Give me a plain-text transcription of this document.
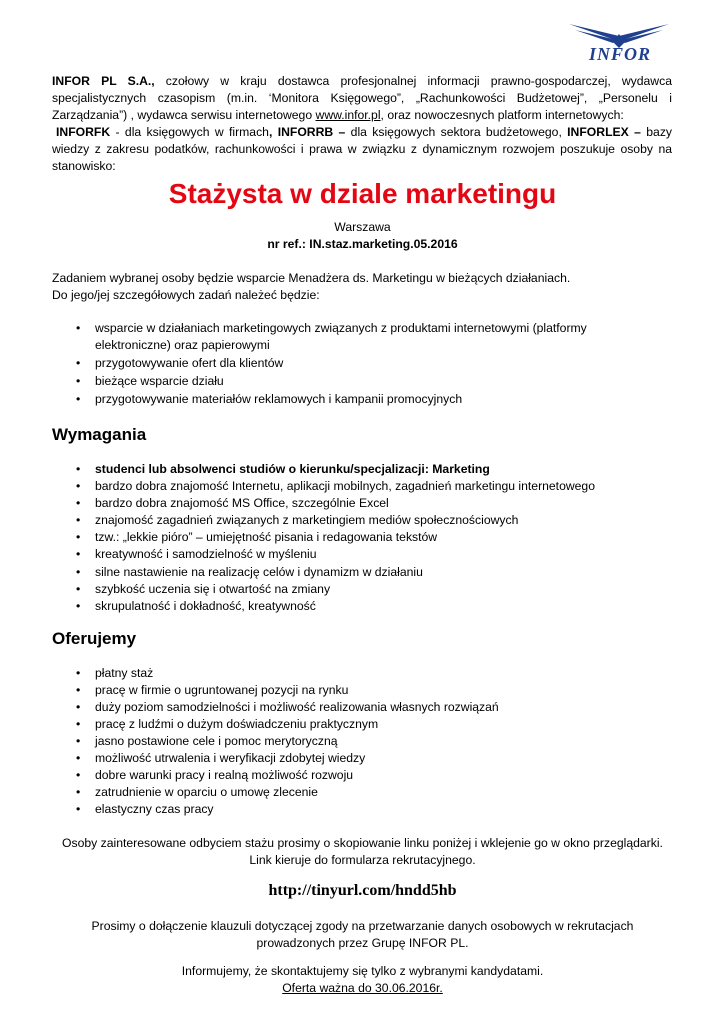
INFOR
INFOR PL S.A., czołowy w kraju dostawca profesjonalnej informacji prawno-gospodarczej, wydawca specjalistycznych czasopism (m.in. ‘Monitora Księgowego”, „Rachunkowości Budżetowej”, „Personelu i Zarządzania”) , wydawca serwisu internetowego www.infor.pl, oraz nowoczesnych platform internetowych:
INFORFK - dla księgowych w firmach, INFORRB – dla księgowych sektora budżetowego, INFORLEX – bazy wiedzy z zakresu podatków, rachunkowości i prawa w związku z dynamicznym rozwojem poszukuje osoby na stanowisko:
Stażysta w dziale marketingu
Warszawa
nr ref.: IN.staz.marketing.05.2016
Zadaniem wybranej osoby będzie wsparcie Menadżera ds. Marketingu w bieżących działaniach.
Do jego/jej szczegółowych zadań należeć będzie:
• wsparcie w działaniach marketingowych związanych z produktami internetowymi (platformy elektroniczne) oraz papierowymi
• przygotowywanie ofert dla klientów
• bieżące wsparcie działu
• przygotowywanie materiałów reklamowych i kampanii promocyjnych
Wymagania
• studenci lub absolwenci studiów o kierunku/specjalizacji: Marketing
• bardzo dobra znajomość Internetu, aplikacji mobilnych, zagadnień marketingu internetowego
• bardzo dobra znajomość MS Office, szczególnie Excel
• znajomość zagadnień związanych z marketingiem mediów społecznościowych
• tzw.: „lekkie pióro” – umiejętność pisania i redagowania tekstów
• kreatywność i samodzielność w myśleniu
• silne nastawienie na realizację celów i dynamizm w działaniu
• szybkość uczenia się i otwartość na zmiany
• skrupulatność i dokładność, kreatywność
Oferujemy
• płatny staż
• pracę w firmie o ugruntowanej pozycji na rynku
• duży poziom samodzielności i możliwość realizowania własnych rozwiązań
• pracę z ludźmi o dużym doświadczeniu praktycznym
• jasno postawione cele i pomoc merytoryczną
• możliwość utrwalenia i weryfikacji zdobytej wiedzy
• dobre warunki pracy i realną możliwość rozwoju
• zatrudnienie w oparciu o umowę zlecenie
• elastyczny czas pracy
Osoby zainteresowane odbyciem stażu prosimy o skopiowanie linku poniżej i wklejenie go w okno przeglądarki.
Link kieruje do formularza rekrutacyjnego.
http://tinyurl.com/hndd5hb
Prosimy o dołączenie klauzuli dotyczącej zgody na przetwarzanie danych osobowych w rekrutacjach
prowadzonych przez Grupę INFOR PL.
Informujemy, że skontaktujemy się tylko z wybranymi kandydatami.
Oferta ważna do 30.06.2016r.
